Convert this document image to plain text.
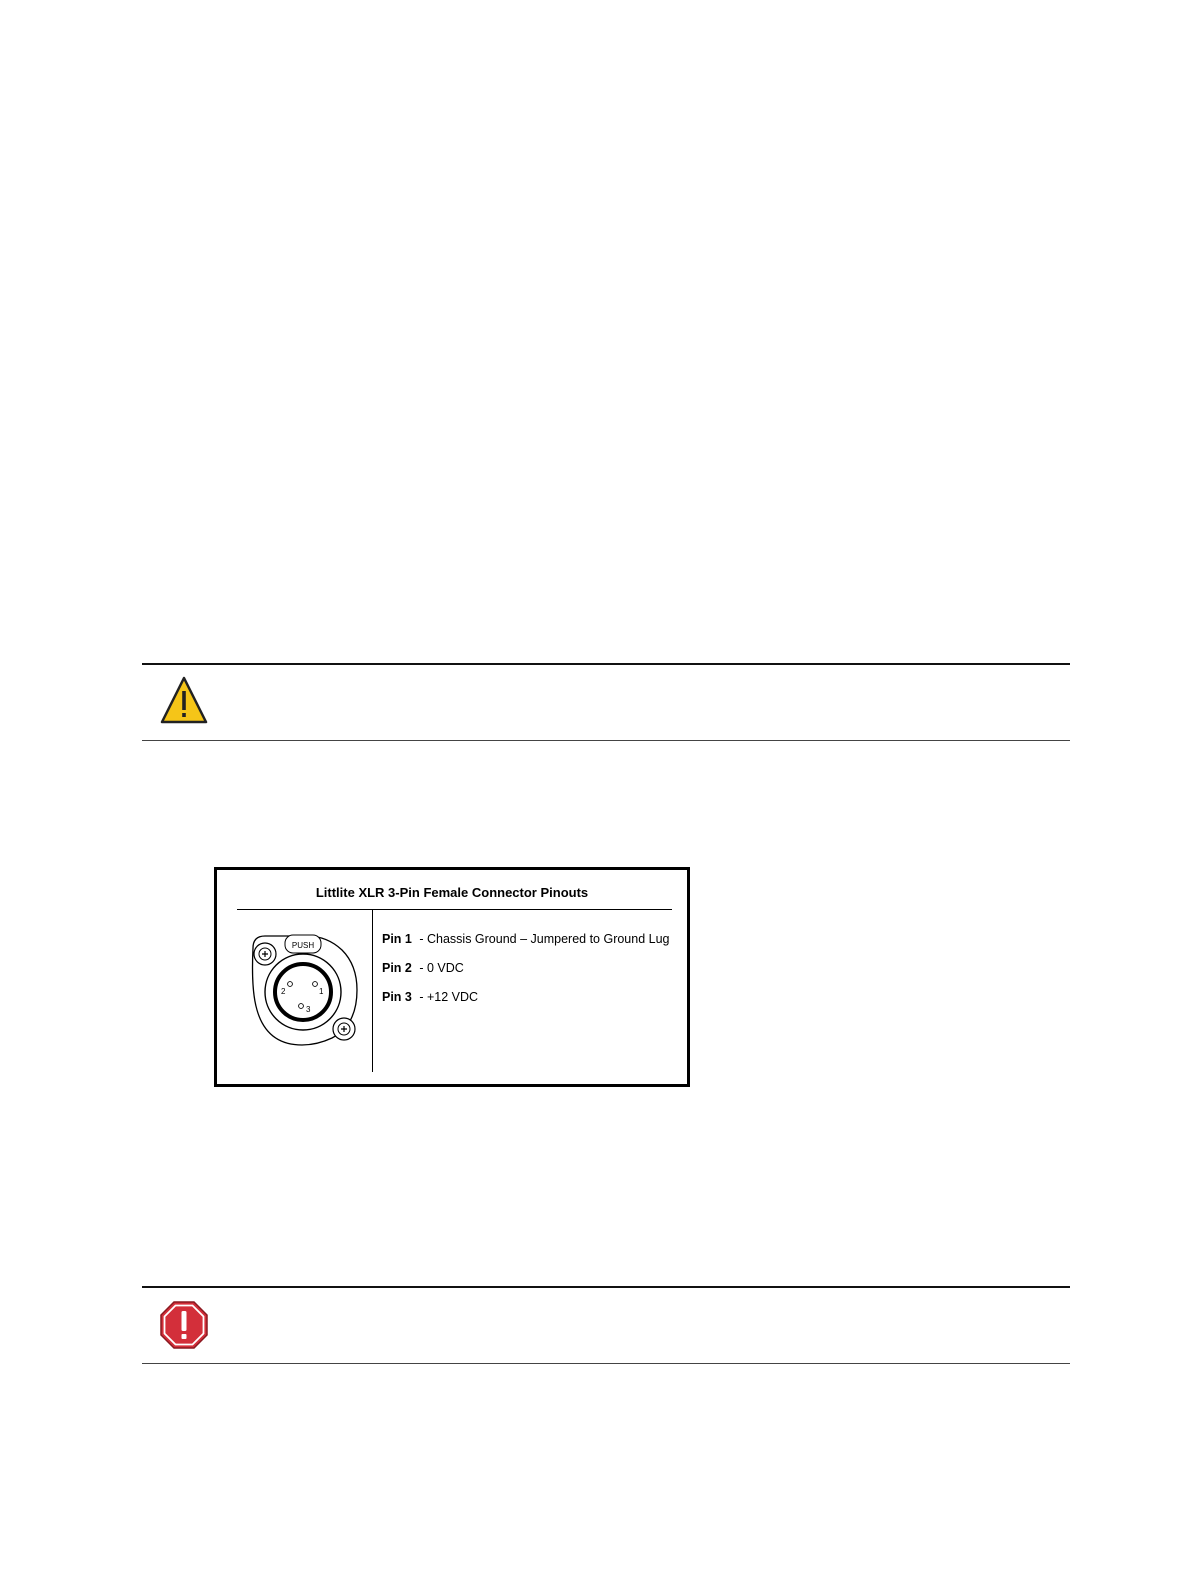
Littlite XLR 3-Pin Female Connector Pinouts
PUSH
1
2
3
Pin 1 - Chassis Ground – Jumpered to Ground Lug
Pin 2 - 0 VDC
Pin 3 - +12 VDC
